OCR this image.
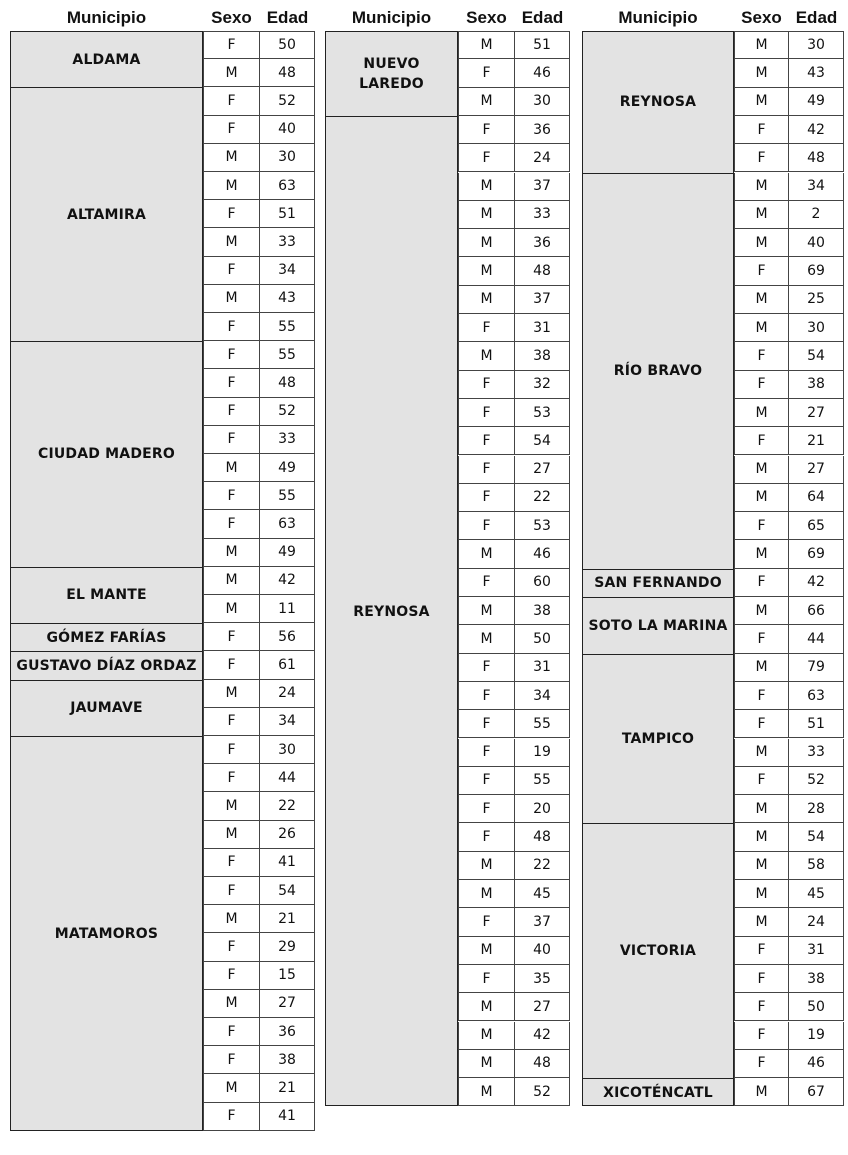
Municipio	Sexo Edad
ALDAMA
F	50
M	48
ALTAMIRA
F	52
F	40
M	30
M	63
F	51
M	33
F	34
M	43
F	55
CIUDAD MADERO
F	55
F	48
F	52
F	33
M	49
F	55
F	63
M	49
EL MANTE
M	42
M	11
GÓMEZ FARÍAS	F	56
GUSTAVO DÍAZ ORDAZ	F	61
JAUMAVE
M	24
F	34
MATAMOROS
F	30
F	44
M	22
M	26
F	41
F	54
M	21
F	29
F	15
M	27
F	36
F	38
M	21
F	41
Municipio	Sexo Edad
NUEVO LAREDO
M	51
F	46
M	30
REYNOSA
F	36
F	24
M	37
M	33
M	36
M	48
M	37
F	31
M	38
F	32
F	53
F	54
F	27
F	22
F	53
M	46
F	60
M	38
M	50
F	31
F	34
F	55
F	19
F	55
F	20
F	48
M	22
M	45
F	37
M	40
F	35
M	27
M	42
M	48
M	52
Municipio	Sexo Edad
REYNOSA
M	30
M	43
M	49
F	42
F	48
RÍO BRAVO
M	34
M	2
M	40
F	69
M	25
M	30
F	54
F	38
M	27
F	21
M	27
M	64
F	65
M	69
SAN FERNANDO	F	42
SOTO LA MARINA
M	66
F	44
TAMPICO
M	79
F	63
F	51
M	33
F	52
M	28
VICTORIA
M	54
M	58
M	45
M	24
F	31
F	38
F	50
F	19
F	46
XICOTÉNCATL	M	67
